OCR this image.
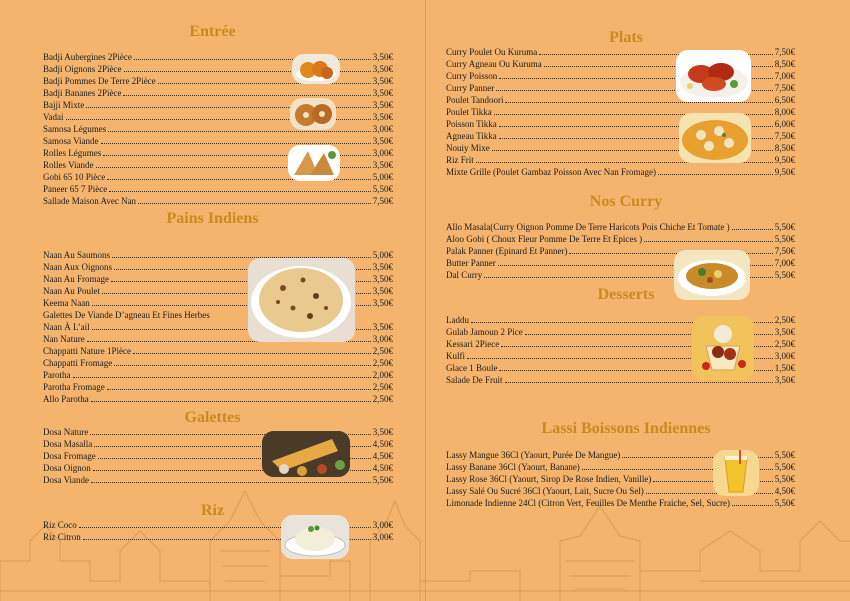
Entrée
Badji Aubergines 2Pièce	3,50€
Badji Oignons 2Pièce	3,50€
Badji Pommes De Terre 2Pièce	3,50€
Badji Bananes 2Pièce	3,50€
Bajji Mixte	3,50€
Vadai	3,50€
Samosa Légumes	3,00€
Samosa Viande	3,50€
Rolles Légumes	3,00€
Rolles Viande	3,50€
Gobi 65 10 Pièce	5,00€
Paneer 65 7 Pièce	5,50€
Sallade Maison Avec Nan	7,50€
Pains Indiens
Naan Au Saumons	5,00€
Naan Aux Oignons	3,50€
Naan Au Fromage	3,50€
Naan Au Poulet	3,50€
Keema Naan	3,50€
Galettes De Viande D’agneau Et Fines Herbes
Naan À L’ail	3,50€
Nan Nature	3,00€
Chappatti Nature 1Pièce	2,50€
Chappatti Fromage	2,50€
Parotha	2,00€
Parotha Fromage	2,50€
Allo Parotha	2,50€
Galettes
Dosa Nature	3,50€
Dosa Masalla	4,50€
Dosa Fromage	4,50€
Dosa Oignon	4,50€
Dosa Viande	5,50€
Riz
Riz Coco	3,00€
Riz Citron	3,00€
Plats
Curry Poulet Ou Kuruma	7,50€
Curry Agneau Ou Kuruma	8,50€
Curry Poisson	7,00€
Curry Panner	7,50€
Poulet Tandoori	6,50€
Poulet Tikka	8,00€
Poisson Tikka	6,00€
Agneau Tikka	7,50€
Nouiy Mixe	8,50€
Riz Frit	9,50€
Mixte Grille (Poulet Gambaz Poisson Avec Nan Fromage)	9,50€
Nos Curry
Allo Masala(Curry Oignon Pomme De Terre Haricots Pois Chiche Et Tomate )	5,50€
Aloo Gobi ( Choux Fleur Pomme De Terre Et Epices )	5,50€
Palak Panner (Epinard Et Panner)	7,50€
Butter Panner	7,00€
Dal Curry	5,50€
Desserts
Laddu	2,50€
Gulab Jamoun 2 Pice	3,50€
Kessari 2Piece	2,50€
Kulfi	3,00€
Glace 1 Boule	1,50€
Salade De Fruit	3,50€
Lassi Boissons Indiennes
Lassy Mangue 36Cl (Yaourt, Purée De Mangue)	5,50€
Lassy Banane 36Cl (Yaourt, Banane)	5,50€
Lassy Rose 36Cl (Yaourt, Sirop De Rose Indien, Vanille)	5,50€
Lassy Salé Ou Sucré 36Cl (Yaourt, Lait, Sucre Ou Sel)	4,50€
Limonade Indienne 24Cl (Citron Vert, Feuilles De Menthe Fraiche, Sel, Sucre)	5,50€
